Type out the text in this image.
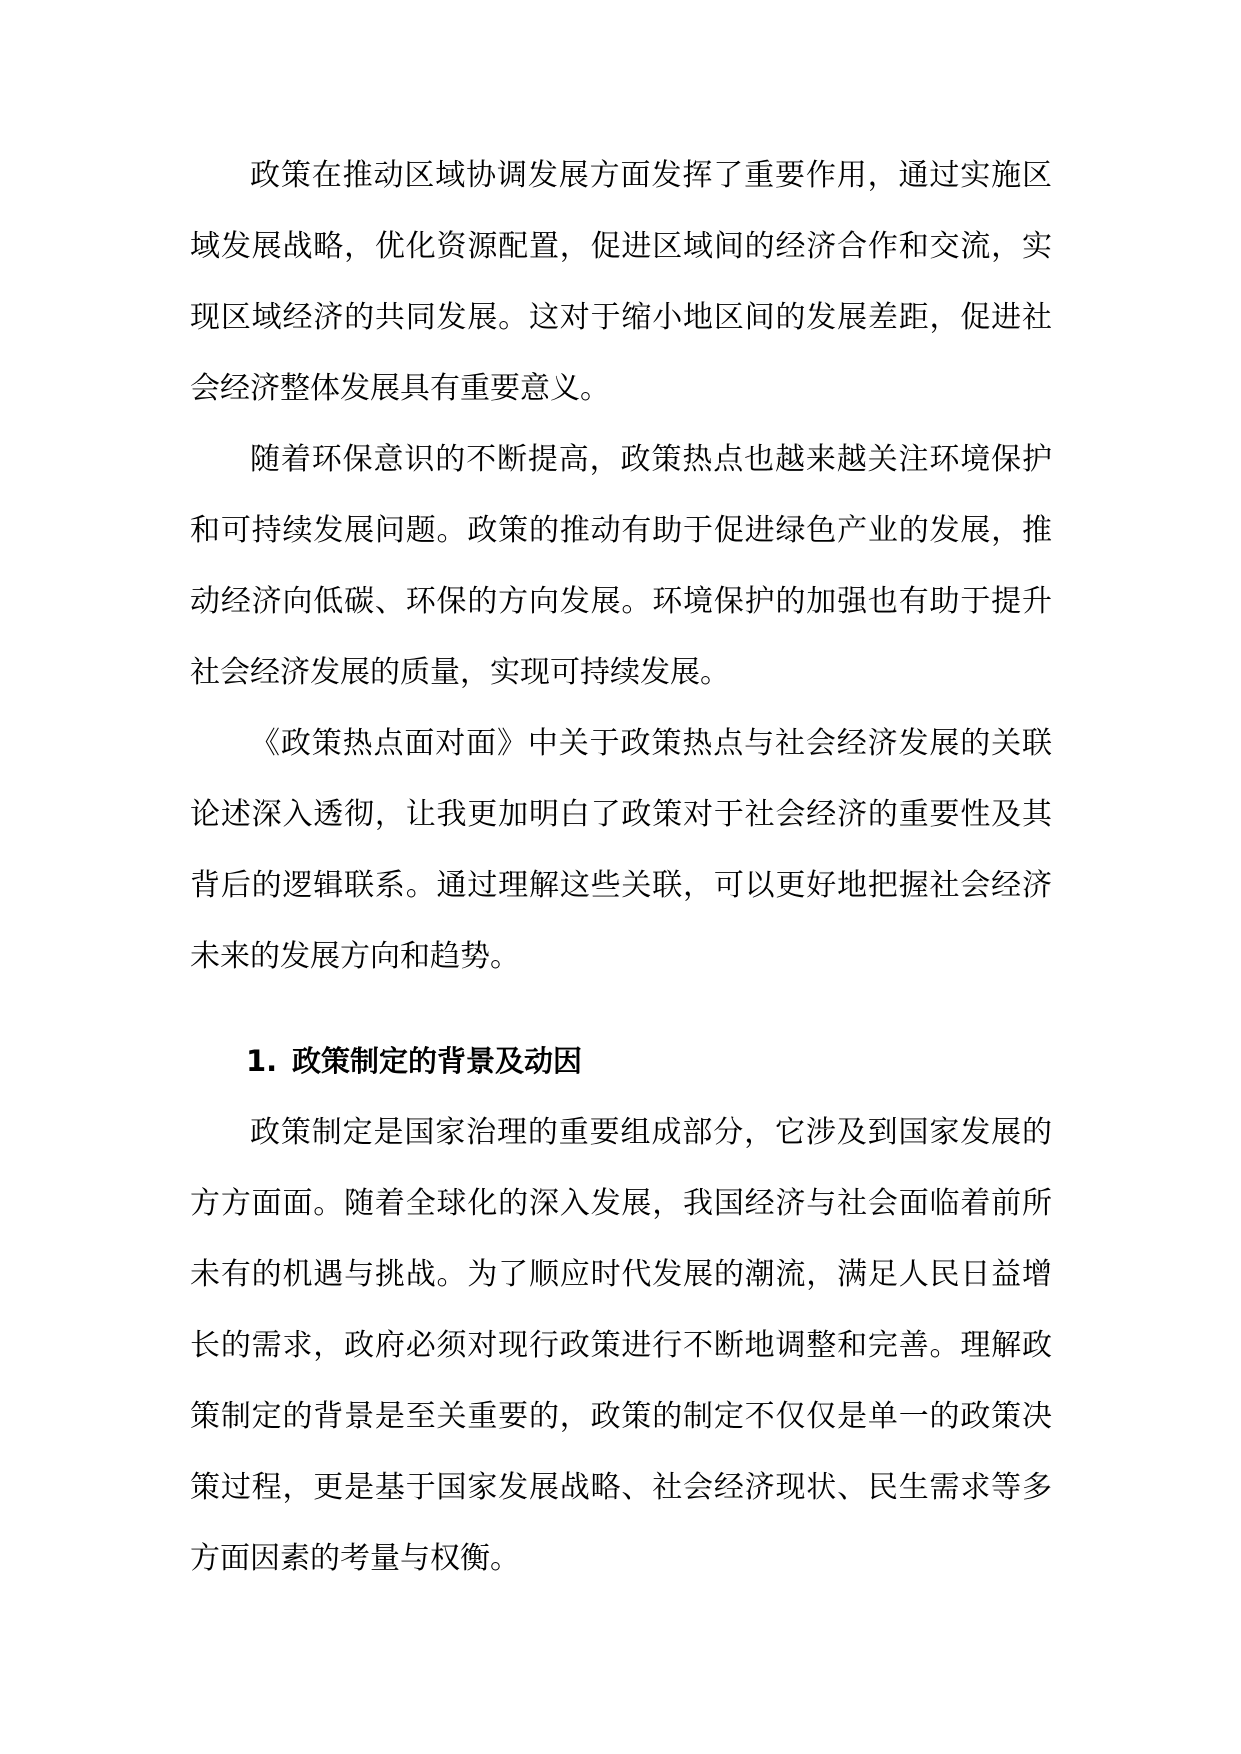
政策在推动区域协调发展方面发挥了重要作用，通过实施区域发展战略，优化资源配置，促进区域间的经济合作和交流，实现区域经济的共同发展。这对于缩小地区间的发展差距，促进社会经济整体发展具有重要意义。

随着环保意识的不断提高，政策热点也越来越关注环境保护和可持续发展问题。政策的推动有助于促进绿色产业的发展，推动经济向低碳、环保的方向发展。环境保护的加强也有助于提升社会经济发展的质量，实现可持续发展。

《政策热点面对面》中关于政策热点与社会经济发展的关联论述深入透彻，让我更加明白了政策对于社会经济的重要性及其背后的逻辑联系。通过理解这些关联，可以更好地把握社会经济未来的发展方向和趋势。

1. 政策制定的背景及动因

政策制定是国家治理的重要组成部分，它涉及到国家发展的方方面面。随着全球化的深入发展，我国经济与社会面临着前所未有的机遇与挑战。为了顺应时代发展的潮流，满足人民日益增长的需求，政府必须对现行政策进行不断地调整和完善。理解政策制定的背景是至关重要的，政策的制定不仅仅是单一的政策决策过程，更是基于国家发展战略、社会经济现状、民生需求等多方面因素的考量与权衡。
